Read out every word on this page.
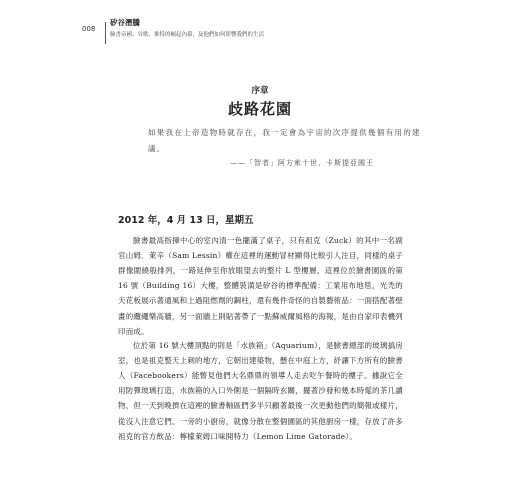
008
矽谷潛騰
臉書帝國、谷歌、推特的崛起內幕，及他們如何影響我們的生活
序章
歧路花園
如果我在上帝造物時就存在，我一定會為宇宙的次序提供幾個有用的建議。
——「智者」阿方索十世，卡斯提亞國王
2012 年，4 月 13 日，星期五

臉書最高指揮中心的室內清一色擺滿了桌子，只有祖克（Zuck）的其中一名副官山姆．萊辛（Sam Lessin）權在這裡的運動冒材顯得比較引人注目，同樣的桌子群像圍繞般排列，一路延伸至你放眼望去的整片 L 型樓層，這裡位於臉書園區的第 16 號（Building 16）大樓，整體裝潢是矽谷的標準配備：工業用布地毯，光禿的天花板展示著通風和上過阻燃劑的鋼柱，還有幾件奇怪的自製藝術品：一面搭配著壁畫的纜繩樂高牆，另一面牆上則貼著帶了一點蘇威爾風格的海報，是由自家印表機列印而成。

位於第 16 號大樓頂點的則是「水族箱」（Aquarium），是臉書總部的玻璃搞房室，也是祖克整天上刺的地方，它朝出建築物，懸在中庭上方，紓讓下方所有的臉書人（Facebookers）能瞥見他們大名鼎鼎的領導人走去吃午餐時的樓子。據說它全用防彈玻璃打造，水族箱的入口外側是一個隔時玄關，擺著沙發和幾本時髦的茶几讀物，但一天到晚擠在這裡的臉書軸區們多半只顧著最後一次更動他們的簡報或樣片，從沒人注意它們。一旁的小廚房，就像分散在整個園區的其他廚房一樣，存放了許多祖克的官方飲品：檸檬萊姆口味開特力（Lemon Lime Gatorade）。
